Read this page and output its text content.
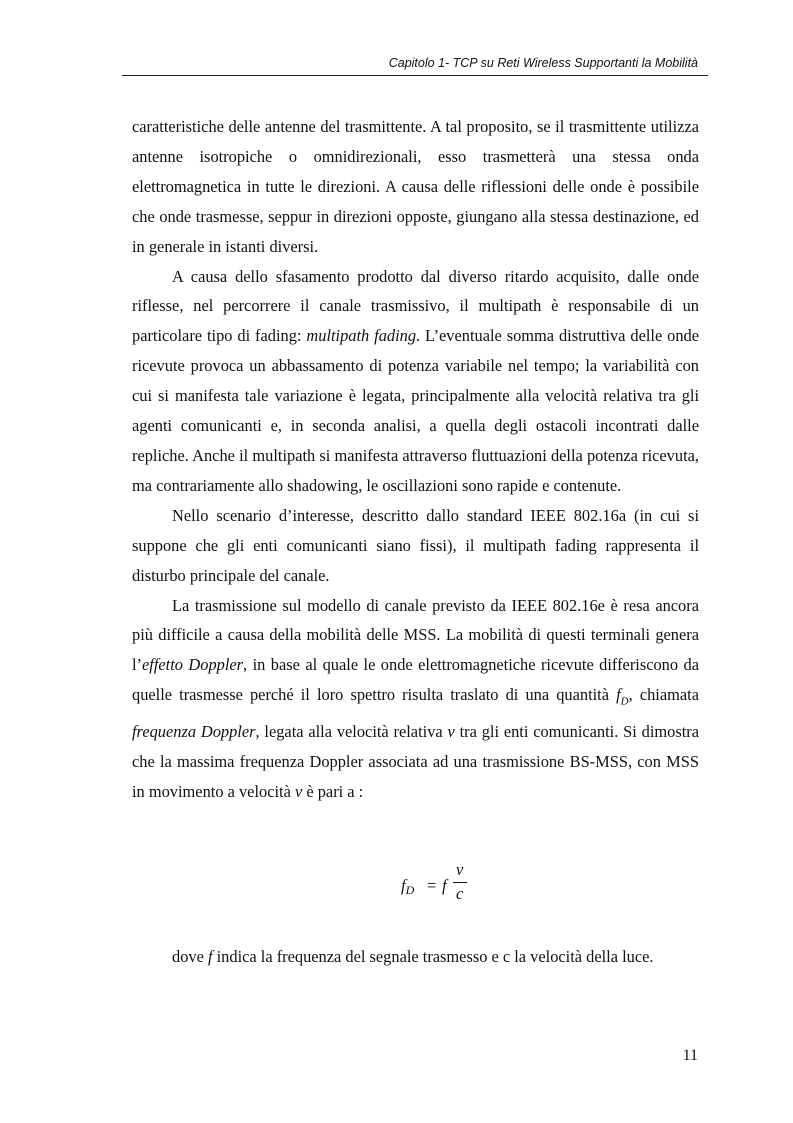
Capitolo 1- TCP su Reti Wireless Supportanti la Mobilità

caratteristiche delle antenne del trasmittente. A tal proposito, se il trasmittente utilizza antenne isotropiche o omnidirezionali, esso trasmetterà una stessa onda elettromagnetica in tutte le direzioni. A causa delle riflessioni delle onde è possibile che onde trasmesse, seppur in direzioni opposte, giungano alla stessa destinazione, ed in generale in istanti diversi.

A causa dello sfasamento prodotto dal diverso ritardo acquisito, dalle onde riflesse, nel percorrere il canale trasmissivo, il multipath è responsabile di un particolare tipo di fading: multipath fading. L’eventuale somma distruttiva delle onde ricevute provoca un abbassamento di potenza variabile nel tempo; la variabilità con cui si manifesta tale variazione è legata, principalmente alla velocità relativa tra gli agenti comunicanti e, in seconda analisi, a quella degli ostacoli incontrati dalle repliche. Anche il multipath si manifesta attraverso fluttuazioni della potenza ricevuta, ma contrariamente allo shadowing, le oscillazioni sono rapide e contenute.

Nello scenario d’interesse, descritto dallo standard IEEE 802.16a (in cui si suppone che gli enti comunicanti siano fissi), il multipath fading rappresenta il disturbo principale del canale.

La trasmissione sul modello di canale previsto da IEEE 802.16e è resa ancora più difficile a causa della mobilità delle MSS. La mobilità di questi terminali genera l’effetto Doppler, in base al quale le onde elettromagnetiche ricevute differiscono da quelle trasmesse perché il loro spettro risulta traslato di una quantità $f_D$, chiamata frequenza Doppler, legata alla velocità relativa v tra gli enti comunicanti. Si dimostra che la massima frequenza Doppler associata ad una trasmissione BS-MSS, con MSS in movimento a velocità v è pari a :

$f_D = f$
v
c
dove f indica la frequenza del segnale trasmesso e c la velocità della luce.
11
